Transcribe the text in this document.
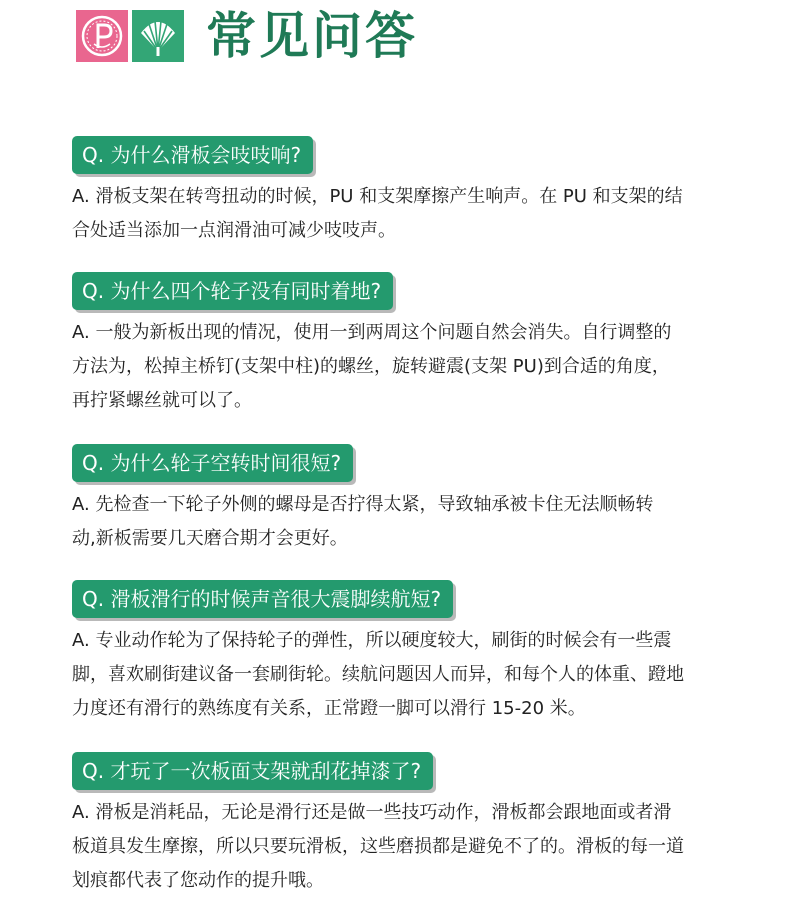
常见问答
Q. 为什么滑板会吱吱响?
A. 滑板支架在转弯扭动的时候，PU 和支架摩擦产生响声。在 PU 和支架的结
合处适当添加一点润滑油可减少吱吱声。
Q. 为什么四个轮子没有同时着地?
A. 一般为新板出现的情况，使用一到两周这个问题自然会消失。自行调整的
方法为，松掉主桥钉(支架中柱)的螺丝，旋转避震(支架 PU)到合适的角度，
再拧紧螺丝就可以了。
Q. 为什么轮子空转时间很短?
A. 先检查一下轮子外侧的螺母是否拧得太紧，导致轴承被卡住无法顺畅转
动,新板需要几天磨合期才会更好。
Q. 滑板滑行的时候声音很大震脚续航短?
A. 专业动作轮为了保持轮子的弹性，所以硬度较大，刷街的时候会有一些震
脚，喜欢刷街建议备一套刷街轮。续航问题因人而异，和每个人的体重、蹬地
力度还有滑行的熟练度有关系，正常蹬一脚可以滑行 15-20 米。
Q. 才玩了一次板面支架就刮花掉漆了?
A. 滑板是消耗品，无论是滑行还是做一些技巧动作，滑板都会跟地面或者滑
板道具发生摩擦，所以只要玩滑板，这些磨损都是避免不了的。滑板的每一道
划痕都代表了您动作的提升哦。
